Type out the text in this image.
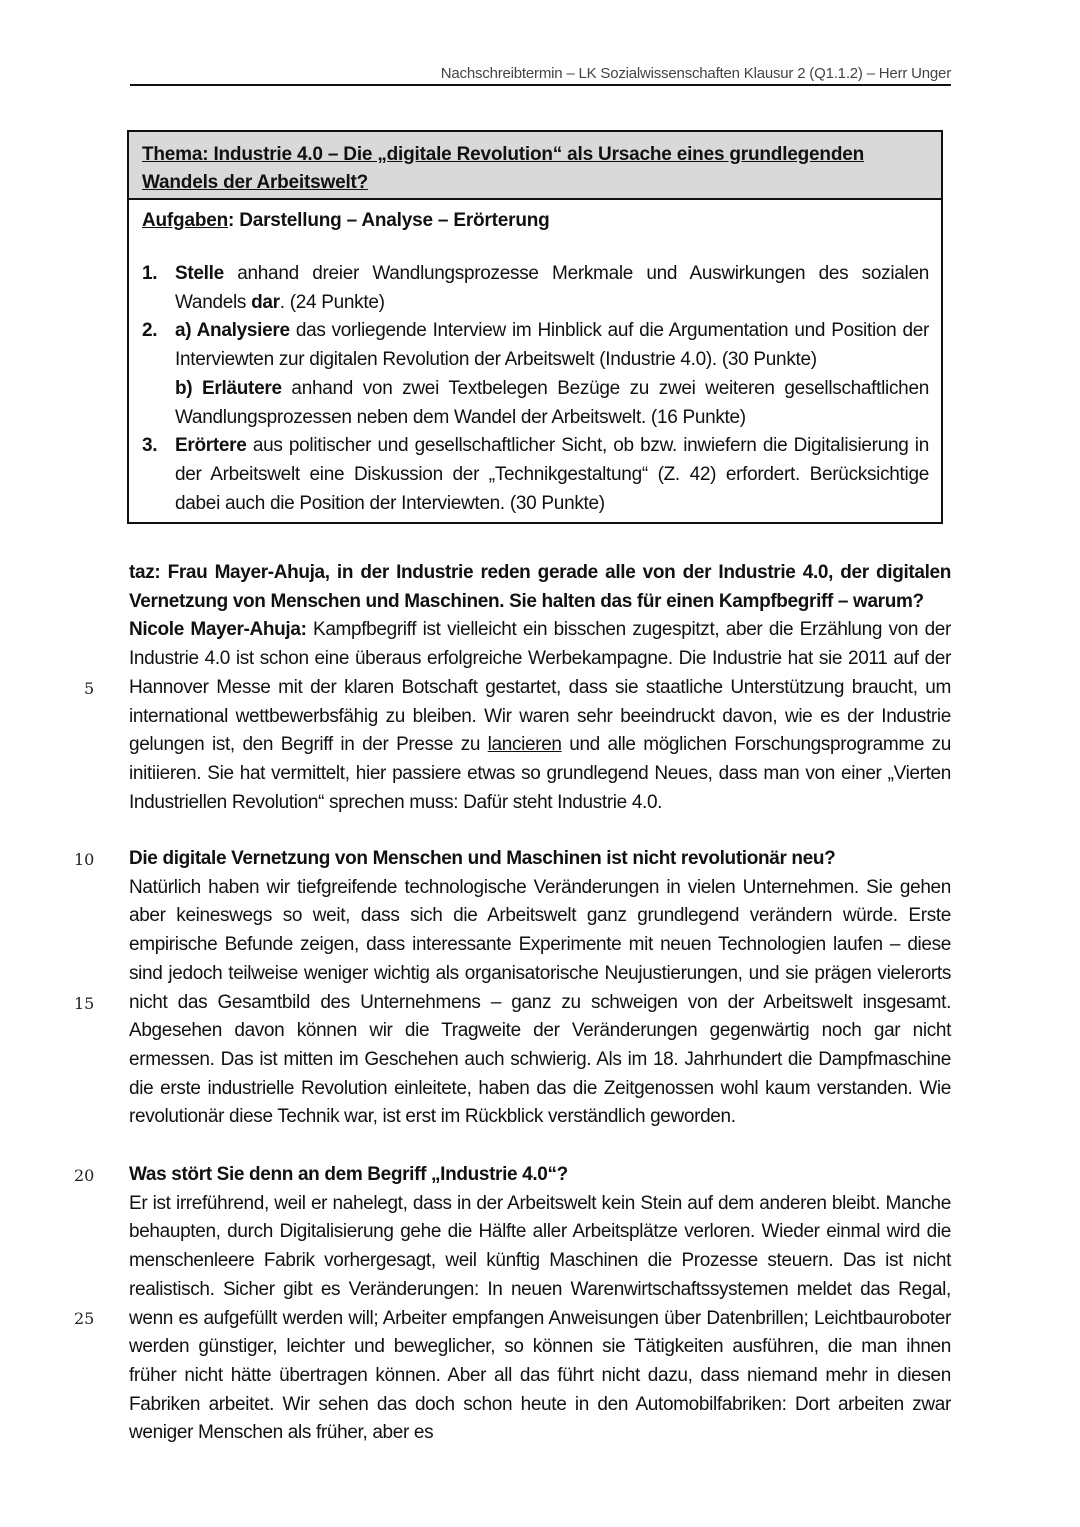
Nachschreibtermin – LK Sozialwissenschaften Klausur 2 (Q1.1.2) – Herr Unger
Thema: Industrie 4.0 – Die „digitale Revolution“ als Ursache eines grundlegenden Wandels der Arbeitswelt?
Aufgaben: Darstellung – Analyse – Erörterung
1. Stelle anhand dreier Wandlungsprozesse Merkmale und Auswirkungen des sozialen Wandels dar. (24 Punkte)
2. a) Analysiere das vorliegende Interview im Hinblick auf die Argumentation und Position der Interviewten zur digitalen Revolution der Arbeitswelt (Industrie 4.0). (30 Punkte)
b) Erläutere anhand von zwei Textbelegen Bezüge zu zwei weiteren gesellschaftlichen Wandlungsprozessen neben dem Wandel der Arbeitswelt. (16 Punkte)
3. Erörtere aus politischer und gesellschaftlicher Sicht, ob bzw. inwiefern die Digitalisierung in der Arbeitswelt eine Diskussion der „Technikgestaltung“ (Z. 42) erfordert. Berücksichtige dabei auch die Position der Interviewten. (30 Punkte)
taz: Frau Mayer-Ahuja, in der Industrie reden gerade alle von der Industrie 4.0, der digitalen Vernetzung von Menschen und Maschinen. Sie halten das für einen Kampfbegriff – warum?
Nicole Mayer-Ahuja: Kampfbegriff ist vielleicht ein bisschen zugespitzt, aber die Erzählung von der Industrie 4.0 ist schon eine überaus erfolgreiche Werbekampagne. Die Industrie hat sie 2011 auf der Hannover Messe mit der klaren Botschaft gestartet, dass sie staatliche Unterstützung braucht, um international wettbewerbsfähig zu bleiben. Wir waren sehr beeindruckt davon, wie es der Industrie gelungen ist, den Begriff in der Presse zu lancieren und alle möglichen Forschungsprogramme zu initiieren. Sie hat vermittelt, hier passiere etwas so grundlegend Neues, dass man von einer „Vierten Industriellen Revolution“ sprechen muss: Dafür steht Industrie 4.0.
Die digitale Vernetzung von Menschen und Maschinen ist nicht revolutionär neu?
Natürlich haben wir tiefgreifende technologische Veränderungen in vielen Unternehmen. Sie gehen aber keineswegs so weit, dass sich die Arbeitswelt ganz grundlegend verändern würde. Erste empirische Befunde zeigen, dass interessante Experimente mit neuen Technologien laufen – diese sind jedoch teilweise weniger wichtig als organisatorische Neujustierungen, und sie prägen vielerorts nicht das Gesamtbild des Unternehmens – ganz zu schweigen von der Arbeitswelt insgesamt. Abgesehen davon können wir die Tragweite der Veränderungen gegenwärtig noch gar nicht ermessen. Das ist mitten im Geschehen auch schwierig. Als im 18. Jahrhundert die Dampfmaschine die erste industrielle Revolution einleitete, haben das die Zeitgenossen wohl kaum verstanden. Wie revolutionär diese Technik war, ist erst im Rückblick verständlich geworden.
Was stört Sie denn an dem Begriff „Industrie 4.0“?
Er ist irreführend, weil er nahelegt, dass in der Arbeitswelt kein Stein auf dem anderen bleibt. Manche behaupten, durch Digitalisierung gehe die Hälfte aller Arbeitsplätze verloren. Wieder einmal wird die menschenleere Fabrik vorhergesagt, weil künftig Maschinen die Prozesse steuern. Das ist nicht realistisch. Sicher gibt es Veränderungen: In neuen Warenwirtschaftssystemen meldet das Regal, wenn es aufgefüllt werden will; Arbeiter empfangen Anweisungen über Datenbrillen; Leichtbauroboter werden günstiger, leichter und beweglicher, so können sie Tätigkeiten ausführen, die man ihnen früher nicht hätte übertragen können. Aber all das führt nicht dazu, dass niemand mehr in diesen Fabriken arbeitet. Wir sehen das doch schon heute in den Automobilfabriken: Dort arbeiten zwar weniger Menschen als früher, aber es
5
10
15
20
25
